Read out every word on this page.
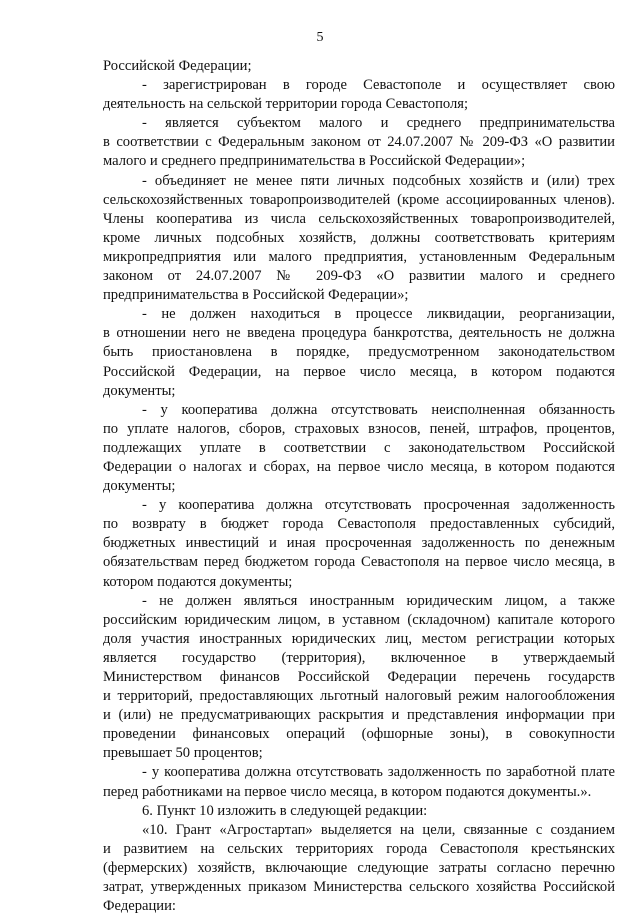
5
Российской Федерации;
- зарегистрирован в городе Севастополе и осуществляет свою
деятельность на сельской территории города Севастополя;
- является субъектом малого и среднего предпринимательства
в соответствии с Федеральным законом от 24.07.2007 № 209-ФЗ «О развитии
малого и среднего предпринимательства в Российской Федерации»;
- объединяет не менее пяти личных подсобных хозяйств и (или) трех
сельскохозяйственных товаропроизводителей (кроме ассоциированных членов).
Члены кооператива из числа сельскохозяйственных товаропроизводителей,
кроме личных подсобных хозяйств, должны соответствовать критериям
микропредприятия или малого предприятия, установленным Федеральным
законом от 24.07.2007 № 209-ФЗ «О развитии малого и среднего
предпринимательства в Российской Федерации»;
- не должен находиться в процессе ликвидации, реорганизации,
в отношении него не введена процедура банкротства, деятельность не должна
быть приостановлена в порядке, предусмотренном законодательством
Российской Федерации, на первое число месяца, в котором подаются
документы;
- у кооператива должна отсутствовать неисполненная обязанность
по уплате налогов, сборов, страховых взносов, пеней, штрафов, процентов,
подлежащих уплате в соответствии с законодательством Российской
Федерации о налогах и сборах, на первое число месяца, в котором подаются
документы;
- у кооператива должна отсутствовать просроченная задолженность
по возврату в бюджет города Севастополя предоставленных субсидий,
бюджетных инвестиций и иная просроченная задолженность по денежным
обязательствам перед бюджетом города Севастополя на первое число месяца, в
котором подаются документы;
- не должен являться иностранным юридическим лицом, а также
российским юридическим лицом, в уставном (складочном) капитале которого
доля участия иностранных юридических лиц, местом регистрации которых
является государство (территория), включенное в утверждаемый
Министерством финансов Российской Федерации перечень государств
и территорий, предоставляющих льготный налоговый режим налогообложения
и (или) не предусматривающих раскрытия и представления информации при
проведении финансовых операций (офшорные зоны), в совокупности
превышает 50 процентов;
- у кооператива должна отсутствовать задолженность по заработной плате
перед работниками на первое число месяца, в котором подаются документы.».
6. Пункт 10 изложить в следующей редакции:
«10. Грант «Агростартап» выделяется на цели, связанные с созданием
и развитием на сельских территориях города Севастополя крестьянских
(фермерских) хозяйств, включающие следующие затраты согласно перечню
затрат, утвержденных приказом Министерства сельского хозяйства Российской
Федерации:
